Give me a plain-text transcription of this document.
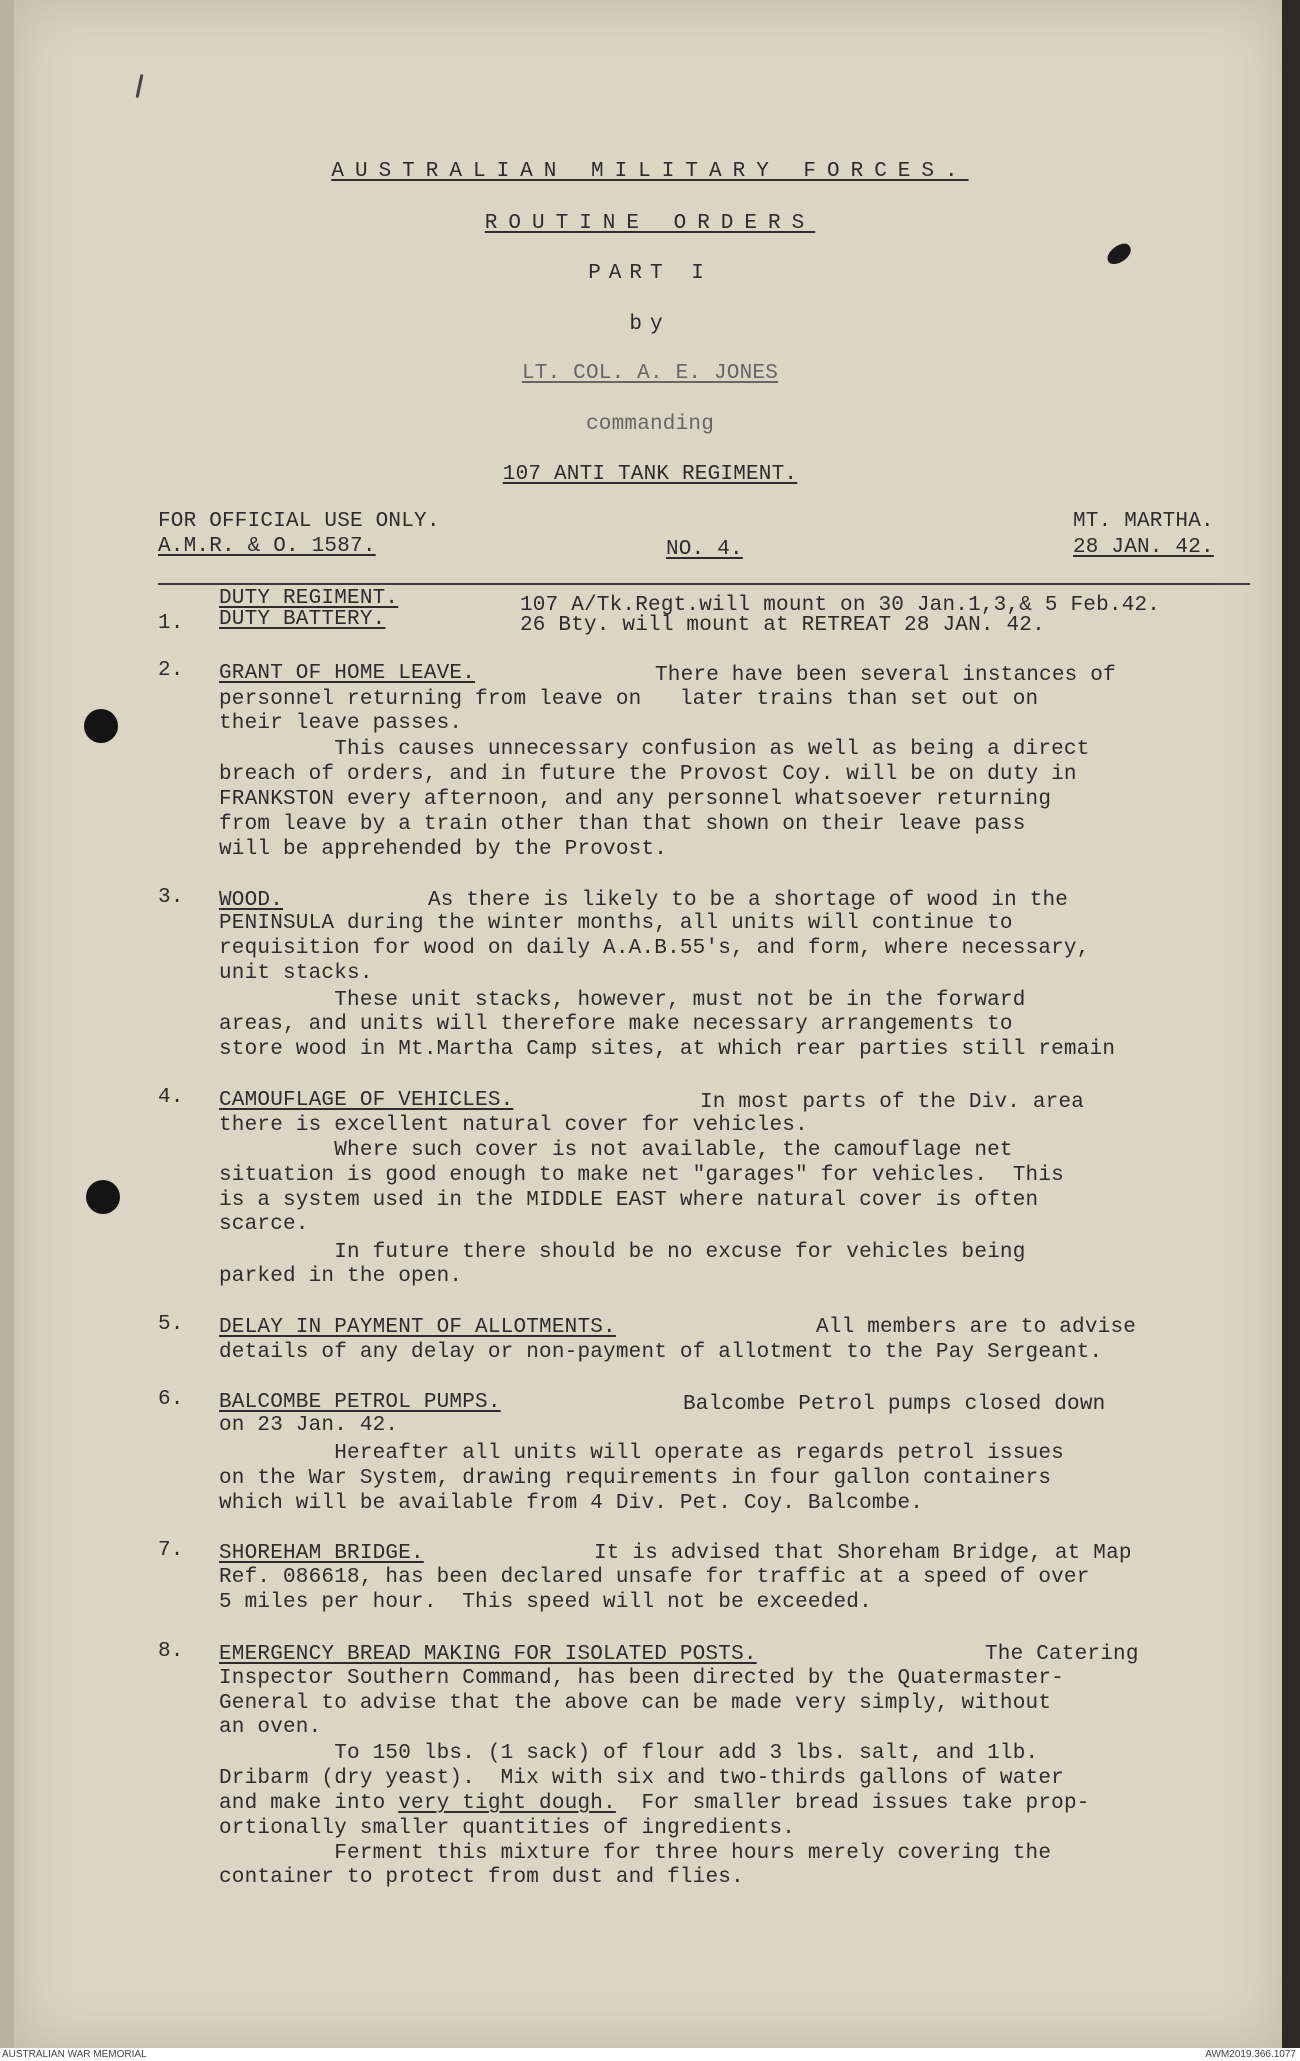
AUSTRALIAN MILITARY FORCES.
ROUTINE ORDERS
PART I
by
LT. COL. A. E. JONES
commanding
107 ANTI TANK REGIMENT.
FOR OFFICIAL USE ONLY.
A.M.R. & O. 1587.	NO. 4.
MT. MARTHA.
28 JAN. 42.
DUTY REGIMENT.	107 A/Tk.Regt.will mount on 30 Jan.1,3,& 5 Feb.42.
1. DUTY BATTERY.	26 Bty. will mount at RETREAT 28 JAN. 42.
2. GRANT OF HOME LEAVE.	There have been several instances of
personnel returning from leave on   later trains than set out on
their leave passes.
This causes unnecessary confusion as well as being a direct
breach of orders, and in future the Provost Coy. will be on duty in
FRANKSTON every afternoon, and any personnel whatsoever returning
from leave by a train other than that shown on their leave pass
will be apprehended by the Provost.
3. WOOD.	As there is likely to be a shortage of wood in the
PENINSULA during the winter months, all units will continue to
requisition for wood on daily A.A.B.55's, and form, where necessary,
unit stacks.
These unit stacks, however, must not be in the forward
areas, and units will therefore make necessary arrangements to
store wood in Mt.Martha Camp sites, at which rear parties still remain
4. CAMOUFLAGE OF VEHICLES.	In most parts of the Div. area
there is excellent natural cover for vehicles.
Where such cover is not available, the camouflage net
situation is good enough to make net "garages" for vehicles.  This
is a system used in the MIDDLE EAST where natural cover is often
scarce.
In future there should be no excuse for vehicles being
parked in the open.
5. DELAY IN PAYMENT OF ALLOTMENTS.	All members are to advise
details of any delay or non-payment of allotment to the Pay Sergeant.
6. BALCOMBE PETROL PUMPS.	Balcombe Petrol pumps closed down
on 23 Jan. 42.
Hereafter all units will operate as regards petrol issues
on the War System, drawing requirements in four gallon containers
which will be available from 4 Div. Pet. Coy. Balcombe.
7. SHOREHAM BRIDGE.	It is advised that Shoreham Bridge, at Map
Ref. 086618, has been declared unsafe for traffic at a speed of over
5 miles per hour.  This speed will not be exceeded.
8. EMERGENCY BREAD MAKING FOR ISOLATED POSTS.	The Catering
Inspector Southern Command, has been directed by the Quatermaster-
General to advise that the above can be made very simply, without
an oven.
To 150 lbs. (1 sack) of flour add 3 lbs. salt, and 1lb.
Dribarm (dry yeast).  Mix with six and two-thirds gallons of water
and make into very tight dough.  For smaller bread issues take prop-
ortionally smaller quantities of ingredients.
Ferment this mixture for three hours merely covering the
container to protect from dust and flies.
AUSTRALIAN WAR MEMORIAL	AWM2019.366.1077
